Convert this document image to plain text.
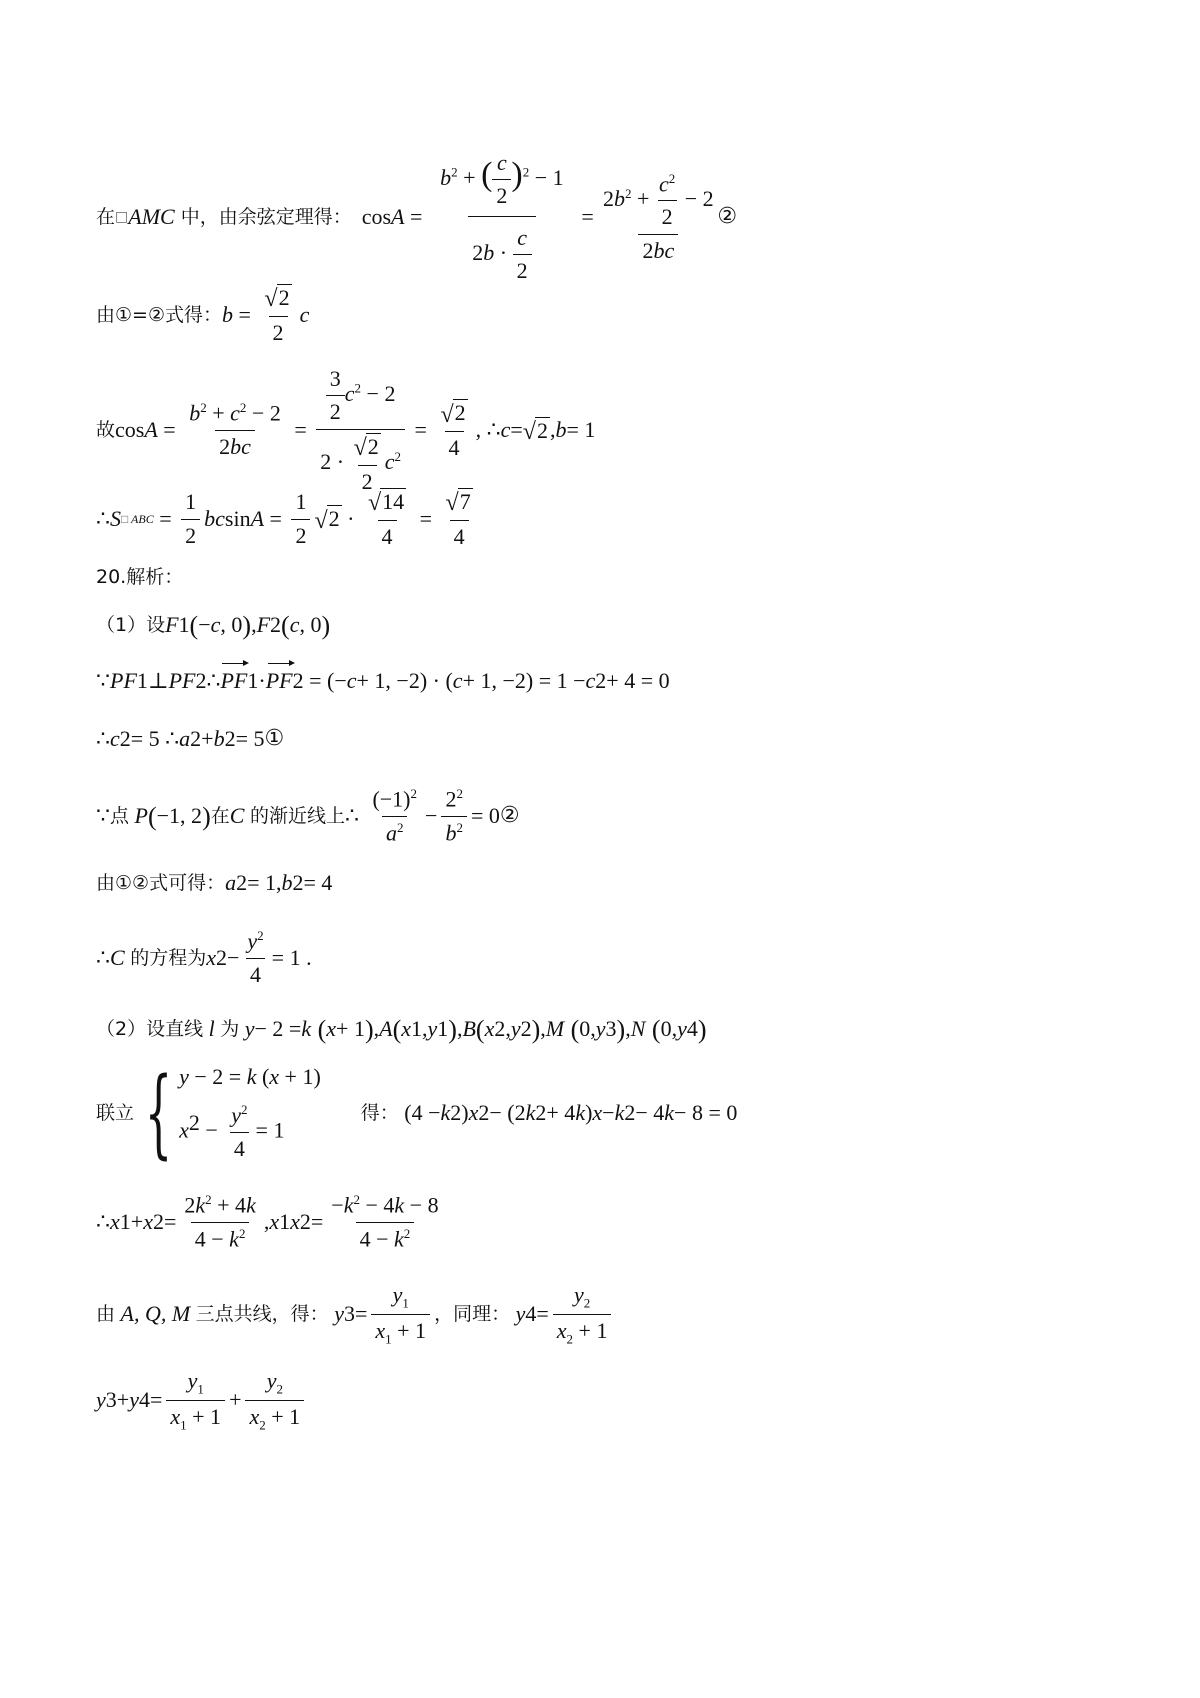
在 □ AMC 中，由余弦定理得： $\cos A = \frac{b^2 + ( \frac{c}{2} )^2 - 1}{2b \cdot \frac{c}{2}} = \frac{2b^2 + \frac{c^2}{2} - 2}{2bc}$ ②
由①=②式得： $b = \frac{√ 2}{2}$ c
故 $\cos A = \frac{b^2 + c^2 - 2}{2bc} = \frac{\frac{3}{2} c^2 - 2}{2 \cdot \frac{√ 2}{2} c^2} = \frac{√ 2}{4}$ , ∴ c = √ 2 , b = 1
∴ S □ ABC = $\frac{1}{2}$ bc $\sin A = \frac{1}{2}$ √ $2 \cdot \frac{√ 14}{4} = \frac{√ 7}{4}$
20.解析：
（1）设 F 1 ( − c , 0 ) , F 2 ( c , 0 )
∵ PF 1 ⊥ PF 2 ∴ PF 1 · PF 2 = (− c + 1, −2) · ( c + 1, −2) = 1 − c 2 + 4 = 0
∴ c 2 = 5 ∴ a 2 + b 2 = 5 ①
∵ 点 P ( −1, 2 ) 在 C 的渐近线上 ∴ $\frac{(-1)^2}{a^2} - \frac{2^2}{b^2} = 0$ ②
由①②式可得： a 2 = 1, b 2 = 4
∴ C 的方程为 x $2 - \frac{y^2}{4} = 1$ .
（2）设直线 l 为 y − 2 = k ( x + 1 ) , A ( x 1 , y 1 ) , B ( x 2 , y 2 ) , M ( 0, y 3 ) , N ( 0, y 4 )
联立 { y − 2 = k (x + 1)
$x^2 - \frac{y^2}{4} = 1$
得： (4 − k 2 ) x 2 − (2 k 2 + 4 k ) x − k 2 − 4 k − 8 = 0
∴ x 1 + x $2 = \frac{2k^2 + 4k}{4 - k^2}$ , x 1 x $2 = \frac{-k^2 - 4k - 8}{4 - k^2}$
由 A, Q, M 三点共线，得： y $3 = \frac{y_1}{x_1 + 1}$ ，同理： y $4 = \frac{y_2}{x_2 + 1}$
y 3 + y $4 = \frac{y_1}{x_1 + 1} + \frac{y_2}{x_2 + 1}$
